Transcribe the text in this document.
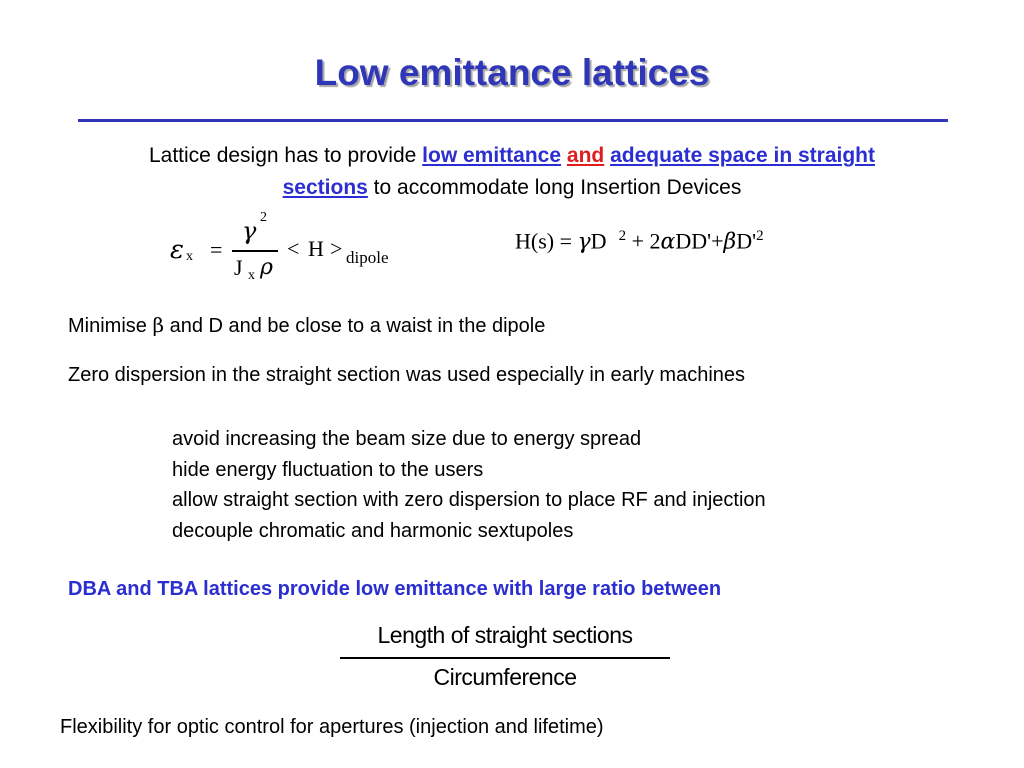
Low emittance lattices
Lattice design has to provide low emittance and adequate space in straight
sections to accommodate long Insertion Devices
ε x =
γ 2
J x ρ
< H > dipole
H(s) = γD $^2 + 2\alpha DD'+\beta D'^2$
Minimise β and D and be close to a waist in the dipole
Zero dispersion in the straight section was used especially in early machines
avoid increasing the beam size due to energy spread
hide energy fluctuation to the users
allow straight section with zero dispersion to place RF and injection
decouple chromatic and harmonic sextupoles
DBA and TBA lattices provide low emittance with large ratio between
Length of straight sections
Circumference
Flexibility for optic control for apertures (injection and lifetime)
